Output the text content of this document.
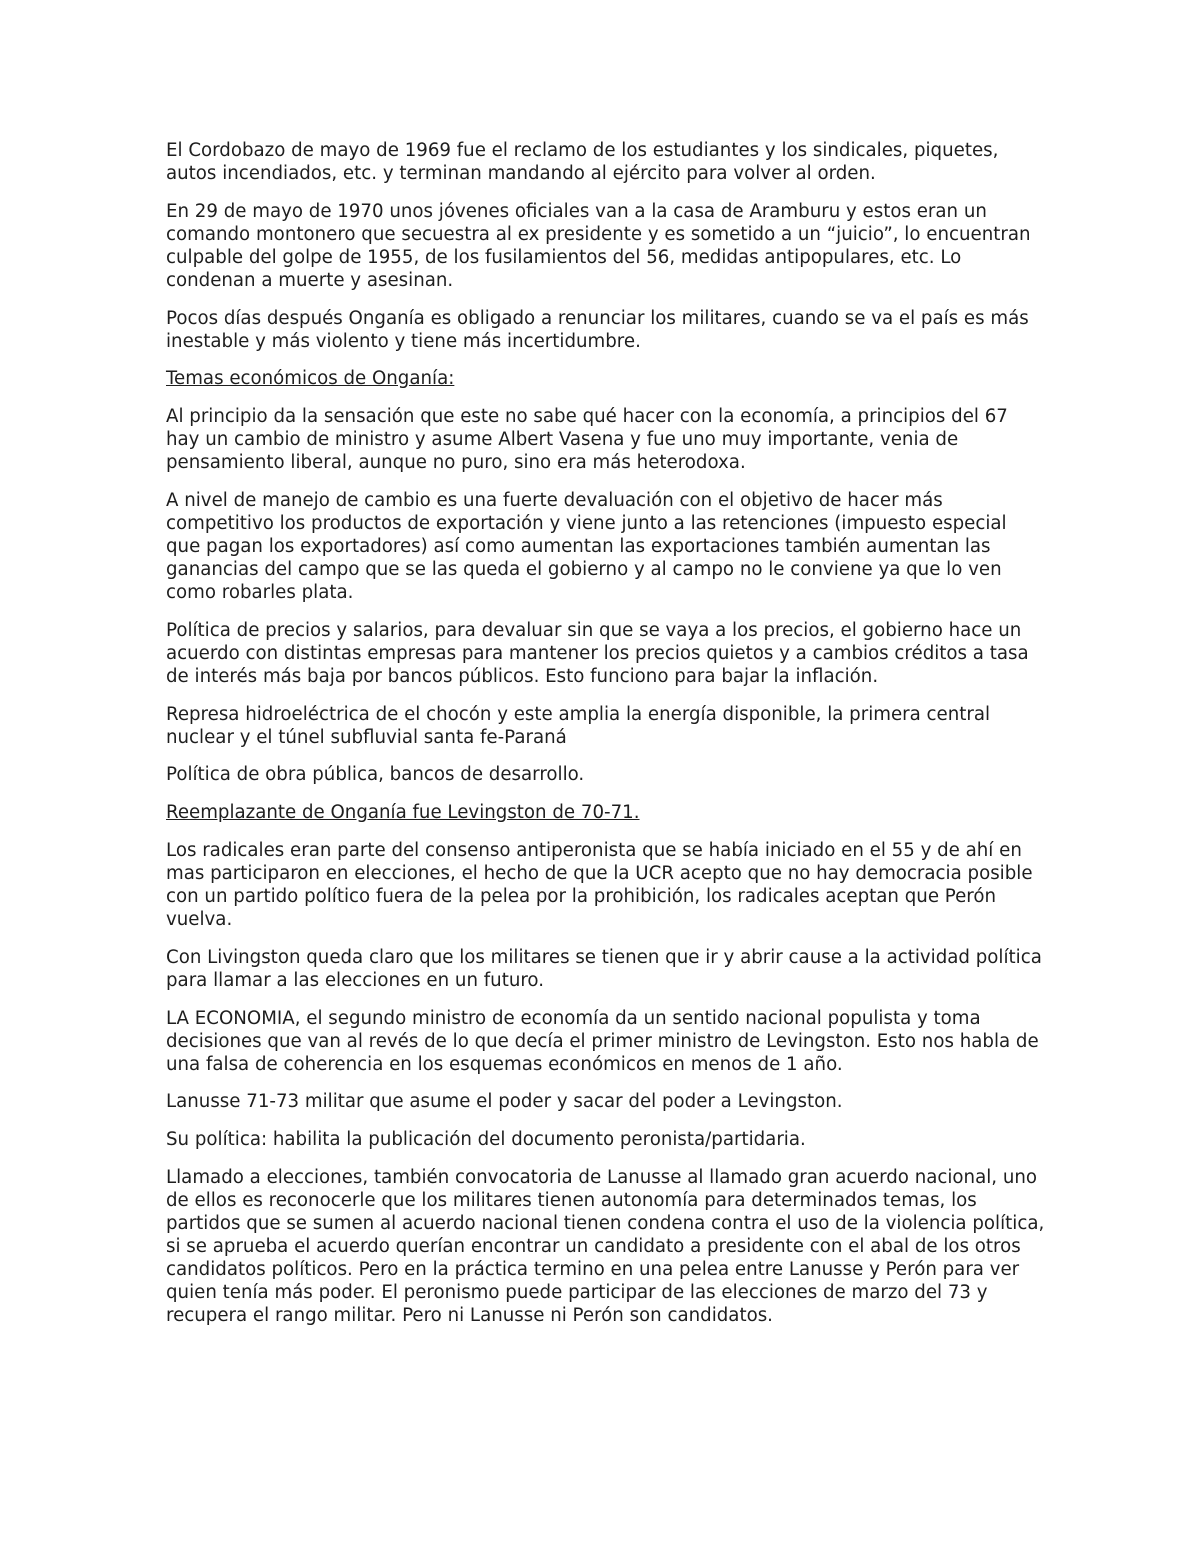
El Cordobazo de mayo de 1969 fue el reclamo de los estudiantes y los sindicales, piquetes, autos incendiados, etc. y terminan mandando al ejército para volver al orden.

En 29 de mayo de 1970 unos jóvenes oficiales van a la casa de Aramburu y estos eran un comando montonero que secuestra al ex presidente y es sometido a un “juicio”, lo encuentran culpable del golpe de 1955, de los fusilamientos del 56, medidas antipopulares, etc. Lo condenan a muerte y asesinan.

Pocos días después Onganía es obligado a renunciar los militares, cuando se va el país es más inestable y más violento y tiene más incertidumbre.

Temas económicos de Onganía:

Al principio da la sensación que este no sabe qué hacer con la economía, a principios del 67 hay un cambio de ministro y asume Albert Vasena y fue uno muy importante, venia de pensamiento liberal, aunque no puro, sino era más heterodoxa.

A nivel de manejo de cambio es una fuerte devaluación con el objetivo de hacer más competitivo los productos de exportación y viene junto a las retenciones (impuesto especial que pagan los exportadores) así como aumentan las exportaciones también aumentan las ganancias del campo que se las queda el gobierno y al campo no le conviene ya que lo ven como robarles plata.

Política de precios y salarios, para devaluar sin que se vaya a los precios, el gobierno hace un acuerdo con distintas empresas para mantener los precios quietos y a cambios créditos a tasa de interés más baja por bancos públicos. Esto funciono para bajar la inflación.

Represa hidroeléctrica de el chocón y este amplia la energía disponible, la primera central nuclear y el túnel subfluvial santa fe-Paraná

Política de obra pública, bancos de desarrollo.

Reemplazante de Onganía fue Levingston de 70-71.

Los radicales eran parte del consenso antiperonista que se había iniciado en el 55 y de ahí en mas participaron en elecciones, el hecho de que la UCR acepto que no hay democracia posible con un partido político fuera de la pelea por la prohibición, los radicales aceptan que Perón vuelva.

Con Livingston queda claro que los militares se tienen que ir y abrir cause a la actividad política para llamar a las elecciones en un futuro.

LA ECONOMIA, el segundo ministro de economía da un sentido nacional populista y toma decisiones que van al revés de lo que decía el primer ministro de Levingston. Esto nos habla de una falsa de coherencia en los esquemas económicos en menos de 1 año.

Lanusse 71-73 militar que asume el poder y sacar del poder a Levingston.

Su política: habilita la publicación del documento peronista/partidaria.

Llamado a elecciones, también convocatoria de Lanusse al llamado gran acuerdo nacional, uno de ellos es reconocerle que los militares tienen autonomía para determinados temas, los partidos que se sumen al acuerdo nacional tienen condena contra el uso de la violencia política, si se aprueba el acuerdo querían encontrar un candidato a presidente con el abal de los otros candidatos políticos. Pero en la práctica termino en una pelea entre Lanusse y Perón para ver quien tenía más poder. El peronismo puede participar de las elecciones de marzo del 73 y recupera el rango militar. Pero ni Lanusse ni Perón son candidatos.
